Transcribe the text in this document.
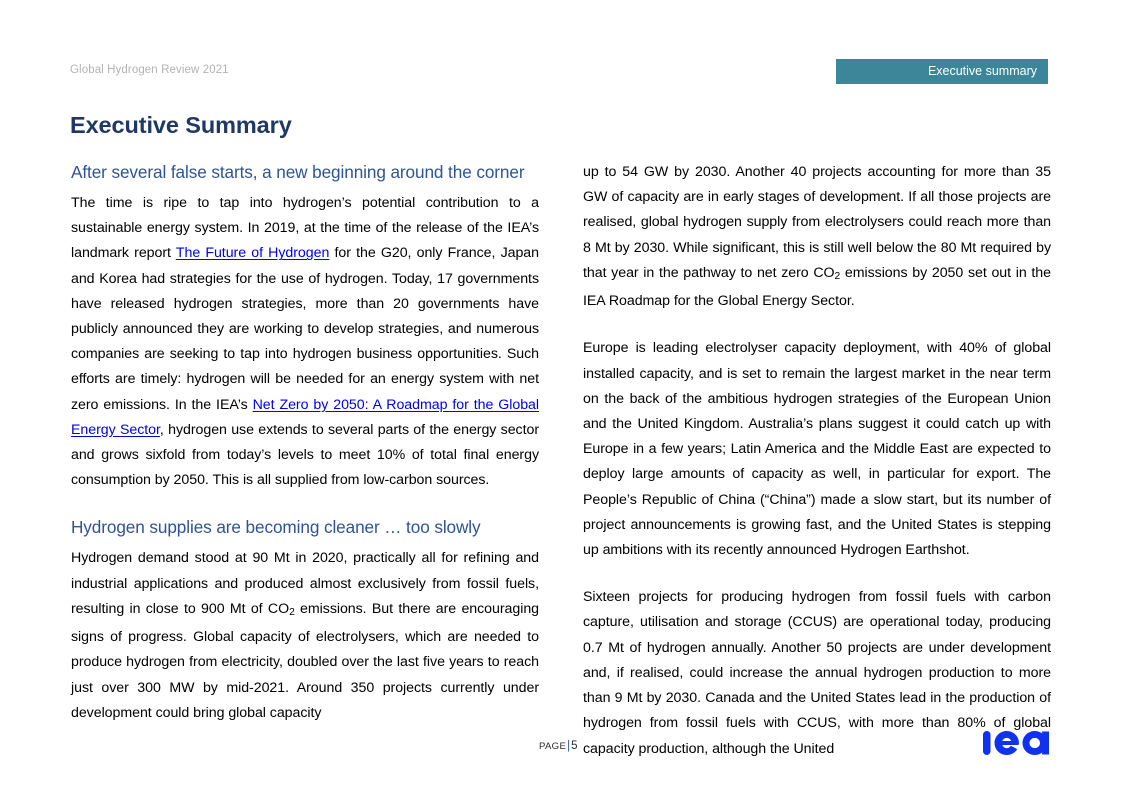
Global Hydrogen Review 2021	Executive summary
Executive Summary
After several false starts, a new beginning around the corner

The time is ripe to tap into hydrogen’s potential contribution to a sustainable energy system. In 2019, at the time of the release of the IEA’s landmark report The Future of Hydrogen for the G20, only France, Japan and Korea had strategies for the use of hydrogen. Today, 17 governments have released hydrogen strategies, more than 20 governments have publicly announced they are working to develop strategies, and numerous companies are seeking to tap into hydrogen business opportunities. Such efforts are timely: hydrogen will be needed for an energy system with net zero emissions. In the IEA’s Net Zero by 2050: A Roadmap for the Global Energy Sector, hydrogen use extends to several parts of the energy sector and grows sixfold from today’s levels to meet 10% of total final energy consumption by 2050. This is all supplied from low-carbon sources.

Hydrogen supplies are becoming cleaner … too slowly

Hydrogen demand stood at 90 Mt in 2020, practically all for refining and industrial applications and produced almost exclusively from fossil fuels, resulting in close to 900 Mt of $CO_2$ emissions. But there are encouraging signs of progress. Global capacity of electrolysers, which are needed to produce hydrogen from electricity, doubled over the last five years to reach just over 300 MW by mid-2021. Around 350 projects currently under development could bring global capacity

up to 54 GW by 2030. Another 40 projects accounting for more than 35 GW of capacity are in early stages of development. If all those projects are realised, global hydrogen supply from electrolysers could reach more than 8 Mt by 2030. While significant, this is still well below the 80 Mt required by that year in the pathway to net zero $CO_2$ emissions by 2050 set out in the IEA Roadmap for the Global Energy Sector.

Europe is leading electrolyser capacity deployment, with 40% of global installed capacity, and is set to remain the largest market in the near term on the back of the ambitious hydrogen strategies of the European Union and the United Kingdom. Australia’s plans suggest it could catch up with Europe in a few years; Latin America and the Middle East are expected to deploy large amounts of capacity as well, in particular for export. The People’s Republic of China (“China”) made a slow start, but its number of project announcements is growing fast, and the United States is stepping up ambitions with its recently announced Hydrogen Earthshot.

Sixteen projects for producing hydrogen from fossil fuels with carbon capture, utilisation and storage (CCUS) are operational today, producing 0.7 Mt of hydrogen annually. Another 50 projects are under development and, if realised, could increase the annual hydrogen production to more than 9 Mt by 2030. Canada and the United States lead in the production of hydrogen from fossil fuels with CCUS, with more than 80% of global capacity production, although the United

PAGE|5
